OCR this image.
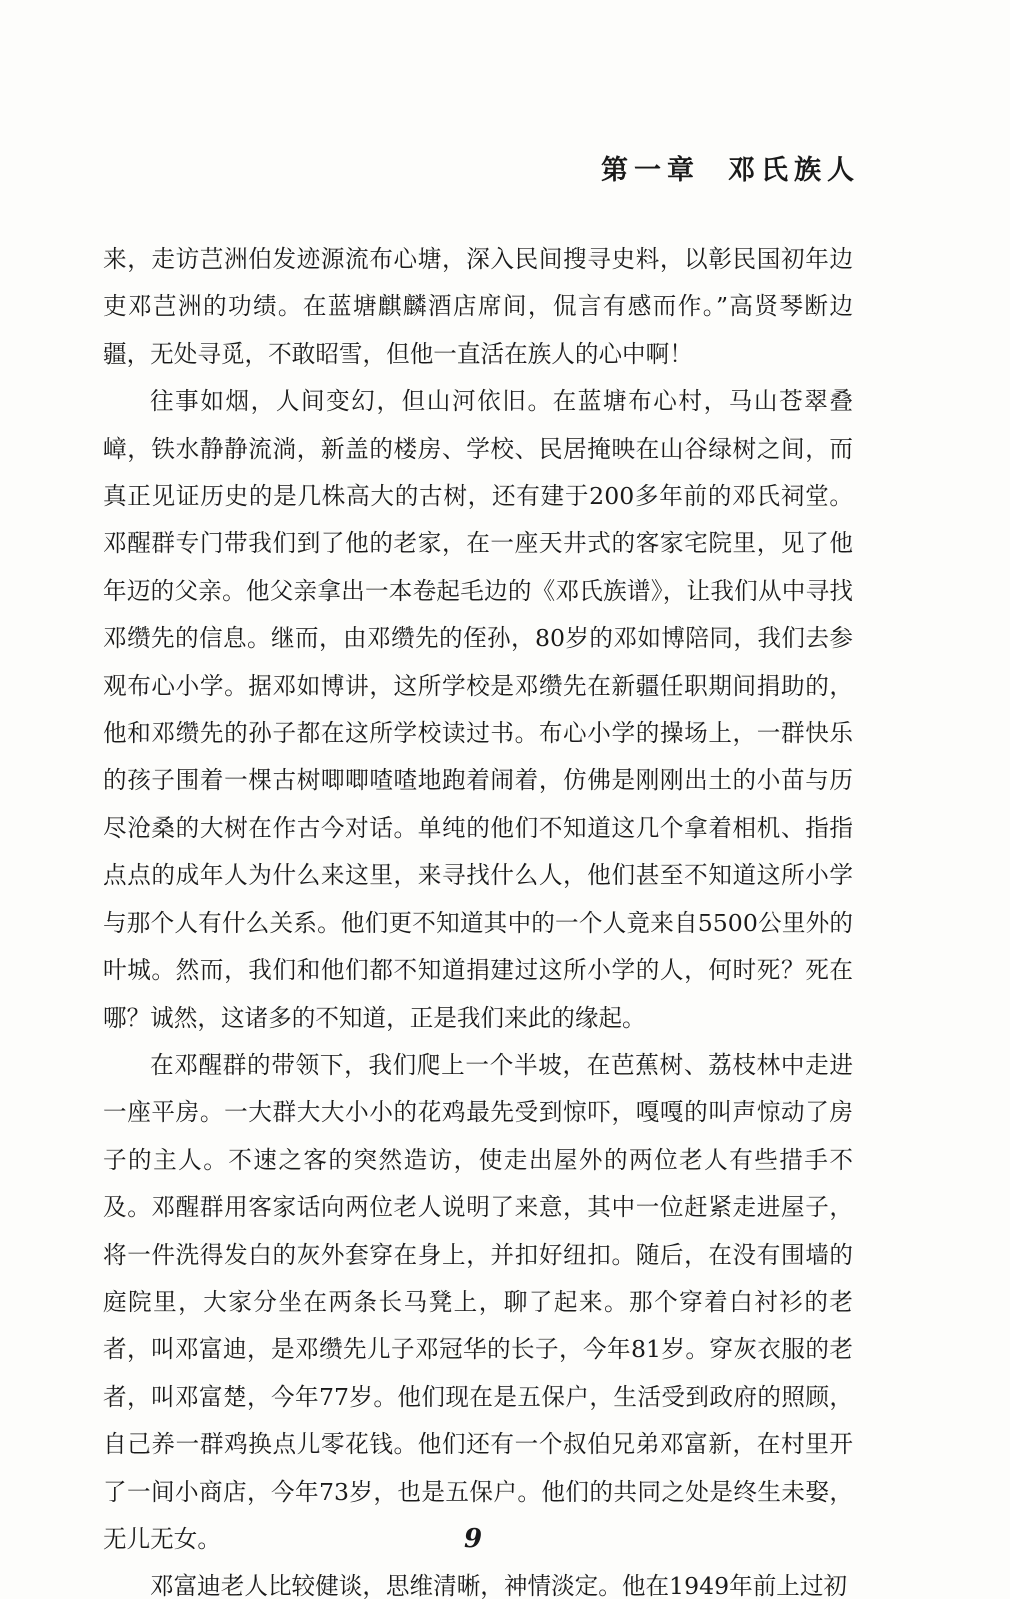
第一章 邓氏族人

来，走访芑洲伯发迹源流布心塘，深入民间搜寻史料，以彰民国初年边吏邓芑洲的功绩。在蓝塘麒麟酒店席间，侃言有感而作。”高贤琴断边疆，无处寻觅，不敢昭雪，但他一直活在族人的心中啊！

往事如烟，人间变幻，但山河依旧。在蓝塘布心村，马山苍翠叠嶂，铁水静静流淌，新盖的楼房、学校、民居掩映在山谷绿树之间，而真正见证历史的是几株高大的古树，还有建于200多年前的邓氏祠堂。邓醒群专门带我们到了他的老家，在一座天井式的客家宅院里，见了他年迈的父亲。他父亲拿出一本卷起毛边的《邓氏族谱》，让我们从中寻找邓缵先的信息。继而，由邓缵先的侄孙，80岁的邓如博陪同，我们去参观布心小学。据邓如博讲，这所学校是邓缵先在新疆任职期间捐助的，他和邓缵先的孙子都在这所学校读过书。布心小学的操场上，一群快乐的孩子围着一棵古树唧唧喳喳地跑着闹着，仿佛是刚刚出土的小苗与历尽沧桑的大树在作古今对话。单纯的他们不知道这几个拿着相机、指指点点的成年人为什么来这里，来寻找什么人，他们甚至不知道这所小学与那个人有什么关系。他们更不知道其中的一个人竟来自5500公里外的叶城。然而，我们和他们都不知道捐建过这所小学的人，何时死？死在哪？诚然，这诸多的不知道，正是我们来此的缘起。

在邓醒群的带领下，我们爬上一个半坡，在芭蕉树、荔枝林中走进一座平房。一大群大大小小的花鸡最先受到惊吓，嘎嘎的叫声惊动了房子的主人。不速之客的突然造访，使走出屋外的两位老人有些措手不及。邓醒群用客家话向两位老人说明了来意，其中一位赶紧走进屋子，将一件洗得发白的灰外套穿在身上，并扣好纽扣。随后，在没有围墙的庭院里，大家分坐在两条长马凳上，聊了起来。那个穿着白衬衫的老者，叫邓富迪，是邓缵先儿子邓冠华的长子，今年81岁。穿灰衣服的老者，叫邓富楚，今年77岁。他们现在是五保户，生活受到政府的照顾，自己养一群鸡换点儿零花钱。他们还有一个叔伯兄弟邓富新，在村里开了一间小商店，今年73岁，也是五保户。他们的共同之处是终生未娶，无儿无女。

邓富迪老人比较健谈，思维清晰，神情淡定。他在1949年前上过初

9
